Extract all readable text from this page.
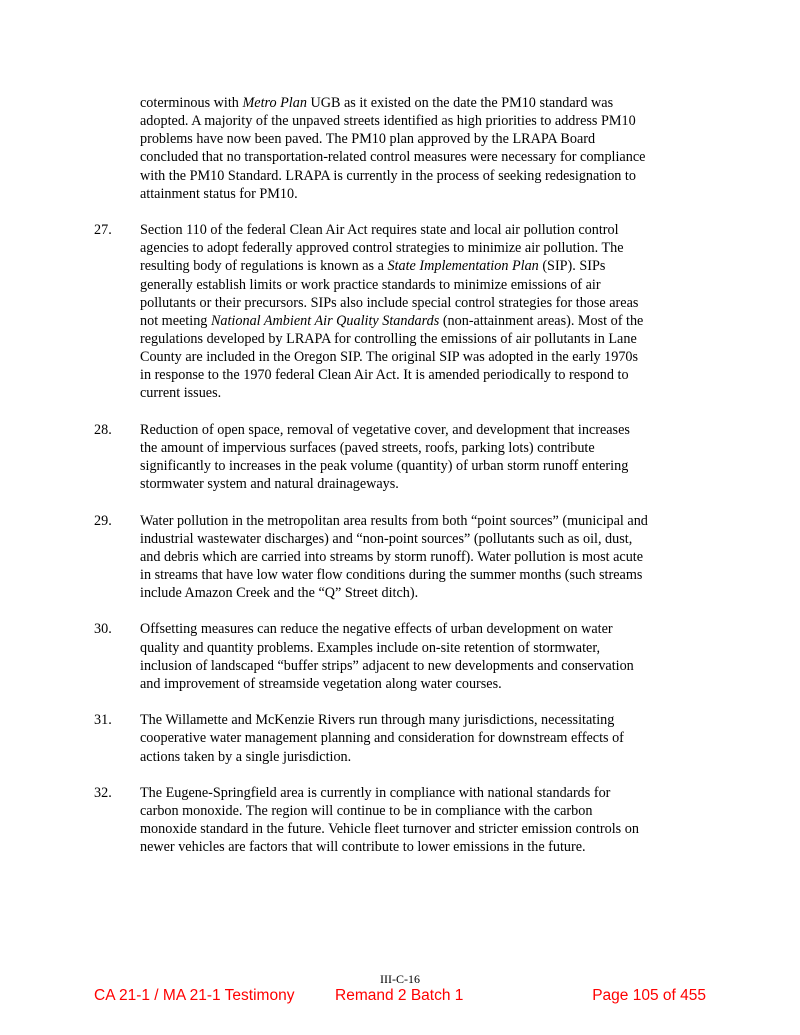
coterminous with Metro Plan UGB as it existed on the date the PM10 standard was
adopted. A majority of the unpaved streets identified as high priorities to address PM10
problems have now been paved. The PM10 plan approved by the LRAPA Board
concluded that no transportation-related control measures were necessary for compliance
with the PM10 Standard. LRAPA is currently in the process of seeking redesignation to
attainment status for PM10.
27. Section 110 of the federal Clean Air Act requires state and local air pollution control
agencies to adopt federally approved control strategies to minimize air pollution. The
resulting body of regulations is known as a State Implementation Plan (SIP). SIPs
generally establish limits or work practice standards to minimize emissions of air
pollutants or their precursors. SIPs also include special control strategies for those areas
not meeting National Ambient Air Quality Standards (non-attainment areas). Most of the
regulations developed by LRAPA for controlling the emissions of air pollutants in Lane
County are included in the Oregon SIP. The original SIP was adopted in the early 1970s
in response to the 1970 federal Clean Air Act. It is amended periodically to respond to
current issues.
28. Reduction of open space, removal of vegetative cover, and development that increases
the amount of impervious surfaces (paved streets, roofs, parking lots) contribute
significantly to increases in the peak volume (quantity) of urban storm runoff entering
stormwater system and natural drainageways.
29. Water pollution in the metropolitan area results from both “point sources” (municipal and
industrial wastewater discharges) and “non-point sources” (pollutants such as oil, dust,
and debris which are carried into streams by storm runoff). Water pollution is most acute
in streams that have low water flow conditions during the summer months (such streams
include Amazon Creek and the “Q” Street ditch).
30. Offsetting measures can reduce the negative effects of urban development on water
quality and quantity problems. Examples include on-site retention of stormwater,
inclusion of landscaped “buffer strips” adjacent to new developments and conservation
and improvement of streamside vegetation along water courses.
31. The Willamette and McKenzie Rivers run through many jurisdictions, necessitating
cooperative water management planning and consideration for downstream effects of
actions taken by a single jurisdiction.
32. The Eugene-Springfield area is currently in compliance with national standards for
carbon monoxide. The region will continue to be in compliance with the carbon
monoxide standard in the future. Vehicle fleet turnover and stricter emission controls on
newer vehicles are factors that will contribute to lower emissions in the future.
III-C-16
CA 21-1 / MA 21-1 Testimony	Remand 2 Batch 1	Page 105 of 455
